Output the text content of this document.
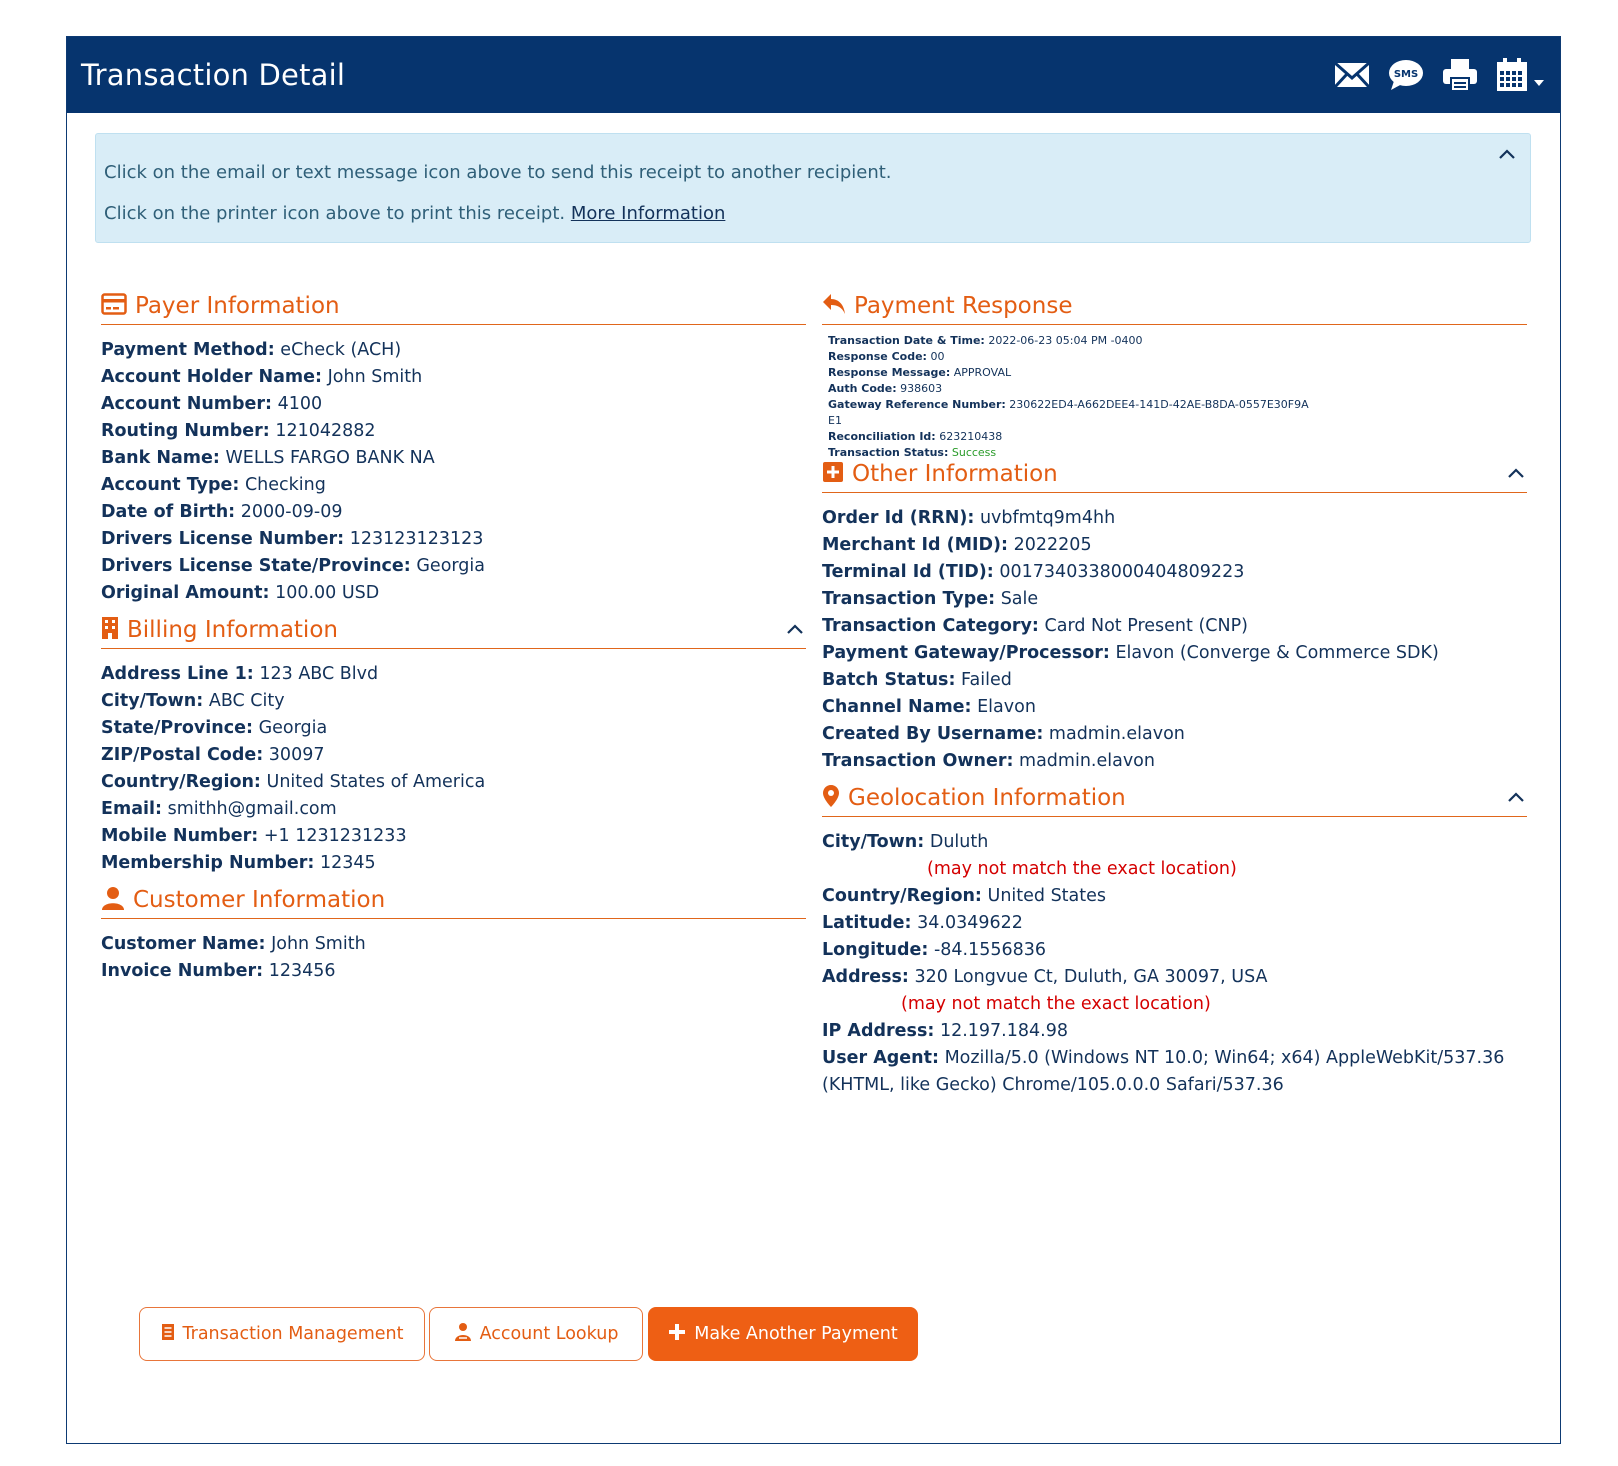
Transaction Detail	SMS

Click on the email or text message icon above to send this receipt to another recipient.

Click on the printer icon above to print this receipt. More Information

Payer Information
Payment Method: eCheck (ACH)
Account Holder Name: John Smith
Account Number: 4100
Routing Number: 121042882
Bank Name: WELLS FARGO BANK NA
Account Type: Checking
Date of Birth: 2000-09-09
Drivers License Number: 123123123123
Drivers License State/Province: Georgia
Original Amount: 100.00 USD
Billing Information
Address Line 1: 123 ABC Blvd
City/Town: ABC City
State/Province: Georgia
ZIP/Postal Code: 30097
Country/Region: United States of America
Email: smithh@gmail.com
Mobile Number: +1 1231231233
Membership Number: 12345
Customer Information
Customer Name: John Smith
Invoice Number: 123456
Payment Response
Transaction Date & Time: 2022-06-23 05:04 PM -0400
Response Code: 00
Response Message: APPROVAL
Auth Code: 938603
Gateway Reference Number: 230622ED4-A662DEE4-141D-42AE-B8DA-0557E30F9A
E1
Reconciliation Id: 623210438
Transaction Status: Success
Other Information
Order Id (RRN): uvbfmtq9m4hh
Merchant Id (MID): 2022205
Terminal Id (TID): 0017340338000404809223
Transaction Type: Sale
Transaction Category: Card Not Present (CNP)
Payment Gateway/Processor: Elavon (Converge & Commerce SDK)
Batch Status: Failed
Channel Name: Elavon
Created By Username: madmin.elavon
Transaction Owner: madmin.elavon
Geolocation Information
City/Town: Duluth
(may not match the exact location)
Country/Region: United States
Latitude: 34.0349622
Longitude: -84.1556836
Address: 320 Longvue Ct, Duluth, GA 30097, USA
(may not match the exact location)
IP Address: 12.197.184.98
User Agent: Mozilla/5.0 (Windows NT 10.0; Win64; x64) AppleWebKit/537.36
(KHTML, like Gecko) Chrome/105.0.0.0 Safari/537.36
Transaction Management	Account Lookup	Make Another Payment
